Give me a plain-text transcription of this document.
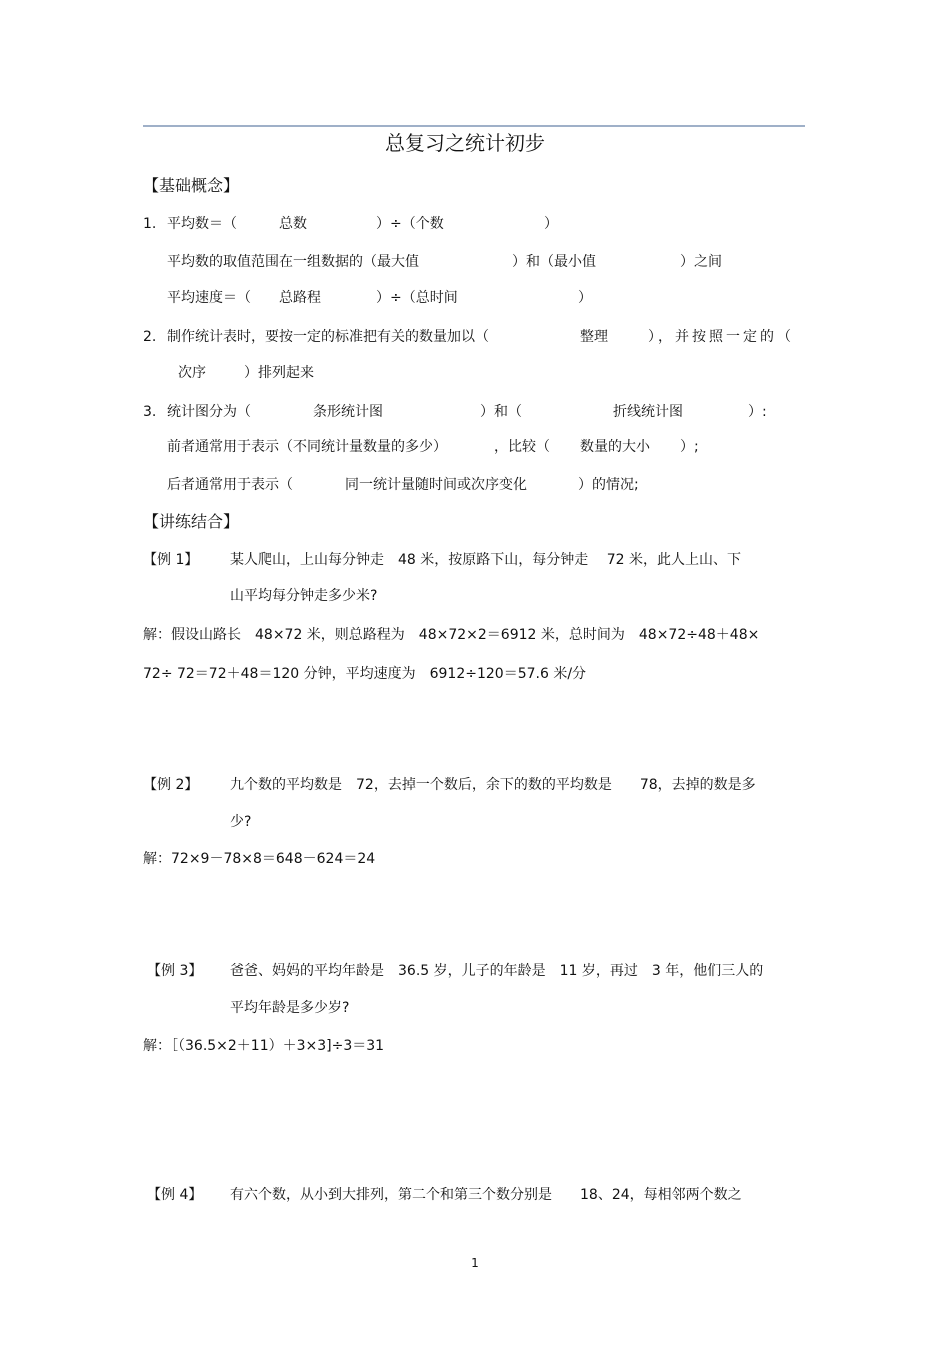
总复习之统计初步
【基础概念】
1. 平均数＝（	总数	）÷（个数	）
平均数的取值范围在一组数据的（最大值	）和（最小值	）之间
平均速度＝（ 总路程	）÷（总时间	）
2. 制作统计表时，要按一定的标准把有关的数量加以（	整理	），并按照一定的（
次序	）排列起来
3. 统计图分为（	条形统计图	）和（	折线统计图	）:
前者通常用于表示（不同统计量数量的多少）	，比较（ 数量的大小 ）;
后者通常用于表示（	同一统计量随时间或次序变化	）的情况;
【讲练结合】
【例 1】 某人爬山，上山每分钟走　48 米，按原路下山，每分钟走　 72 米，此人上山、下
山平均每分钟走多少米?
解：假设山路长　48×72 米，则总路程为　48×72×2＝6912 米，总时间为　48×72÷48＋48×
72÷ 72＝72＋48＝120 分钟，平均速度为　6912÷120＝57.6 米/分
【例 2】 九个数的平均数是　72，去掉一个数后，余下的数的平均数是　　78，去掉的数是多
少?
解：72×9－78×8＝648－624＝24
【例 3】 爸爸、妈妈的平均年龄是　36.5 岁，儿子的年龄是　11 岁，再过　3 年，他们三人的
平均年龄是多少岁?
解：［（36.5×2＋11）＋3×3]÷3＝31
【例 4】 有六个数，从小到大排列，第二个和第三个数分别是　　18、24，每相邻两个数之
1
